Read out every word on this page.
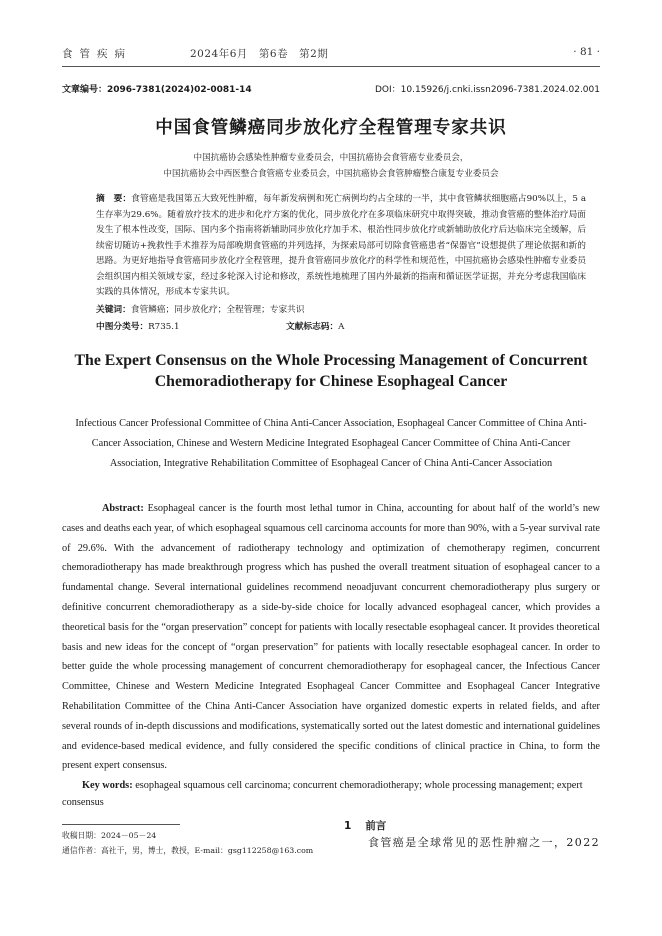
食管疾病	2024年6月　第6卷　第2期	· 81 ·
文章编号：2096-7381(2024)02-0081-14	DOI：10.15926/j.cnki.issn2096-7381.2024.02.001
中国食管鳞癌同步放化疗全程管理专家共识
中国抗癌协会感染性肿瘤专业委员会，中国抗癌协会食管癌专业委员会，
中国抗癌协会中西医整合食管癌专业委员会，中国抗癌协会食管肿瘤整合康复专业委员会
摘　要：食管癌是我国第五大致死性肿瘤，每年新发病例和死亡病例均约占全球的一半，其中食管鳞状细胞癌占90%以上，5 a生存率为29.6%。随着放疗技术的进步和化疗方案的优化，同步放化疗在多项临床研究中取得突破，推动食管癌的整体治疗局面发生了根本性改变，国际、国内多个指南将新辅助同步放化疗加手术、根治性同步放化疗或新辅助放化疗后达临床完全缓解，后续密切随访+挽救性手术推荐为局部晚期食管癌的并列选择，为探索局部可切除食管癌患者“保器官”设想提供了理论依据和新的思路。为更好地指导食管癌同步放化疗全程管理，提升食管癌同步放化疗的科学性和规范性，中国抗癌协会感染性肿瘤专业委员会组织国内相关领域专家，经过多轮深入讨论和修改，系统性地梳理了国内外最新的指南和循证医学证据，并充分考虑我国临床实践的具体情况，形成本专家共识。
关键词：食管鳞癌；同步放化疗；全程管理；专家共识
中图分类号：R735.1	文献标志码：A
The Expert Consensus on the Whole Processing Management of Concurrent
Chemoradiotherapy for Chinese Esophageal Cancer
Infectious Cancer Professional Committee of China Anti-Cancer Association, Esophageal Cancer Committee of China Anti-Cancer Association, Chinese and Western Medicine Integrated Esophageal Cancer Committee of China Anti-Cancer Association, Integrative Rehabilitation Committee of Esophageal Cancer of China Anti-Cancer Association
Abstract: Esophageal cancer is the fourth most lethal tumor in China, accounting for about half of the world’s new cases and deaths each year, of which esophageal squamous cell carcinoma accounts for more than 90%, with a 5-year survival rate of 29.6%. With the advancement of radiotherapy technology and optimization of chemotherapy regimen, concurrent chemoradiotherapy has made breakthrough progress which has pushed the overall treatment situation of esophageal cancer to a fundamental change. Several international guidelines recommend neoadjuvant concurrent chemoradiotherapy plus surgery or definitive concurrent chemoradiotherapy as a side-by-side choice for locally advanced esophageal cancer, which provides a theoretical basis for the “organ preservation” concept for patients with locally resectable esophageal cancer. It provides theoretical basis and new ideas for the concept of “organ preservation” for patients with locally resectable esophageal cancer. In order to better guide the whole processing management of concurrent chemoradiotherapy for esophageal cancer, the Infectious Cancer Committee, Chinese and Western Medicine Integrated Esophageal Cancer Committee and Esophageal Cancer Integrative Rehabilitation Committee of the China Anti-Cancer Association have organized domestic experts in related fields, and after several rounds of in-depth discussions and modifications, systematically sorted out the latest domestic and international guidelines and evidence-based medical evidence, and fully considered the specific conditions of clinical practice in China, to form the present expert consensus.
Key words: esophageal squamous cell carcinoma; concurrent chemoradiotherapy; whole processing management; expert consensus
收稿日期：2024－05－24
通信作者：高社干，男，博士，教授，E-mail：gsg112258@163.com
1 前言
食管癌是全球常见的恶性肿瘤之一，2022
